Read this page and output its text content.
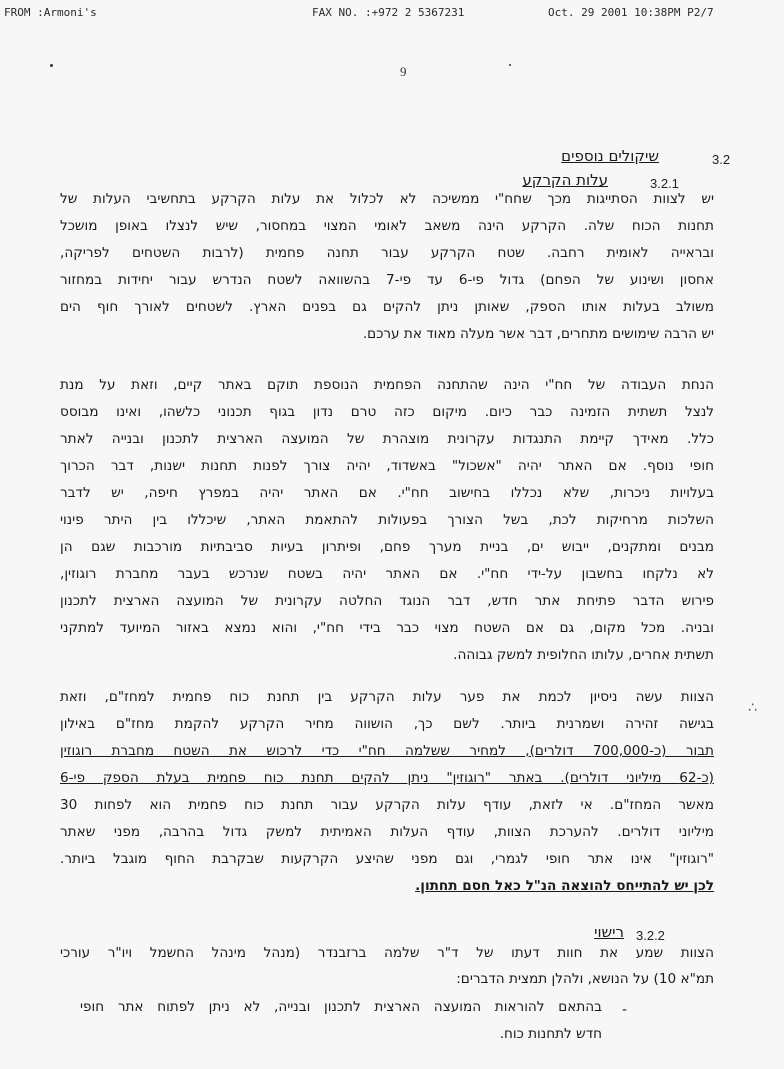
FROM :Armoni's	FAX NO. :+972 2 5367231	Oct. 29 2001 10:38PM P2/7
9
3.2
שיקולים נוספים
3.2.1
עלות הקרקע
יש לצוות הסתייגות מכך שחח"י ממשיכה לא לכלול את עלות הקרקע בתחשיבי העלות של
תחנות הכוח שלה. הקרקע הינה משאב לאומי המצוי במחסור, שיש לנצלו באופן מושכל
ובראייה לאומית רחבה. שטח הקרקע עבור תחנה פחמית (לרבות השטחים לפריקה,
אחסון ושינוע של הפחם) גדול פי-6 עד פי-7 בהשוואה לשטח הנדרש עבור יחידות במחזור
משולב בעלות אותו הספק, שאותן ניתן להקים גם בפנים הארץ. לשטחים לאורך חוף הים
יש הרבה שימושים מתחרים, דבר אשר מעלה מאוד את ערכם.
הנחת העבודה של חח"י הינה שהתחנה הפחמית הנוספת תוקם באתר קיים, וזאת על מנת
לנצל תשתית הזמינה כבר כיום. מיקום כזה טרם נדון בגוף תכנוני כלשהו, ואינו מבוסס
כלל. מאידך קיימת התנגדות עקרונית מוצהרת של המועצה הארצית לתכנון ובנייה לאתר
חופי נוסף. אם האתר יהיה "אשכול" באשדוד, יהיה צורך לפנות תחנות ישנות, דבר הכרוך
בעלויות ניכרות, שלא נכללו בחישוב חח"י. אם האתר יהיה במפרץ חיפה, יש לדבר
השלכות מרחיקות לכת, בשל הצורך בפעולות להתאמת האתר, שיכללו בין היתר פינוי
מבנים ומתקנים, ייבוש ים, בניית מערך פחם, ופיתרון בעיות סביבתיות מורכבות שגם הן
לא נלקחו בחשבון על-ידי חח"י. אם האתר יהיה בשטח שנרכש בעבר מחברת רוגוזין,
פירוש הדבר פתיחת אתר חדש, דבר הנוגד החלטה עקרונית של המועצה הארצית לתכנון
ובניה. מכל מקום, גם אם השטח מצוי כבר בידי חח"י, והוא נמצא באזור המיועד למתקני
תשתית אחרים, עלותו החלופית למשק גבוהה.
הצוות עשה ניסיון לכמת את פער עלות הקרקע בין תחנת כוח פחמית למחז"ם, וזאת
בגישה זהירה ושמרנית ביותר. לשם כך, הושווה מחיר הקרקע להקמת מחז"ם באילון
תבור (כ-700,000 דולרים), למחיר ששלמה חח"י כדי לרכוש את השטח מחברת רוגוזין
(כ-62 מיליוני דולרים). באתר "רוגוזין" ניתן להקים תחנת כוח פחמית בעלת הספק פי-6
מאשר המחז"ם. אי לזאת, עודף עלות הקרקע עבור תחנת כוח פחמית הוא לפחות 30
מיליוני דולרים. להערכת הצוות, עודף העלות האמיתית למשק גדול בהרבה, מפני שאתר
"רוגוזין" אינו אתר חופי לגמרי, וגם מפני שהיצע הקרקעות שבקרבת החוף מוגבל ביותר.
לכן יש להתייחס להוצאה הנ"ל כאל חסם תחתון.
∴
3.2.2
רישוי
הצוות שמע את חוות דעתו של ד"ר שלמה ברזבנדר (מנהל מינהל החשמל ויו"ר עורכי
תמ"א 10) על הנושא, ולהלן תמצית הדברים:
-
בהתאם להוראות המועצה הארצית לתכנון ובנייה, לא ניתן לפתוח אתר חופי
חדש לתחנות כוח.
